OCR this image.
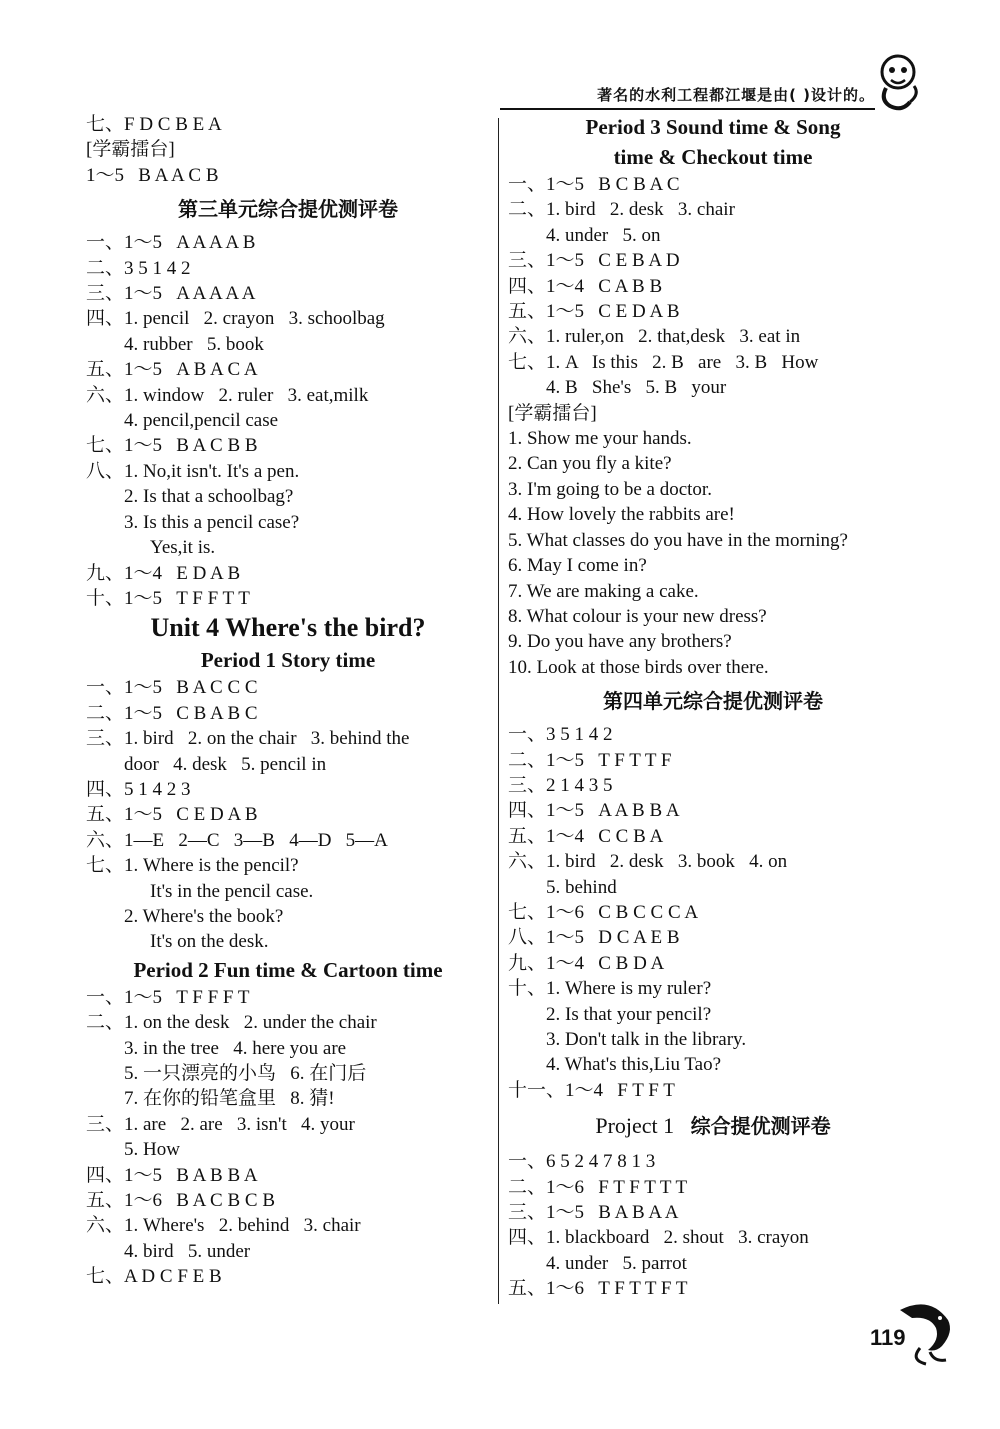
著名的水利工程都江堰是由( )设计的。
七、F D C B E A
[学霸擂台]
1～5   B A A C B
第三单元综合提优测评卷
一、1～5   A A A A B
二、3 5 1 4 2
三、1～5   A A A A A
四、1. pencil   2. crayon   3. schoolbag
4. rubber   5. book
五、1～5   A B A C A
六、1. window   2. ruler   3. eat,milk
4. pencil,pencil case
七、1～5   B A C B B
八、1. No,it isn't. It's a pen.
2. Is that a schoolbag?
3. Is this a pencil case?
Yes,it is.
九、1～4   E D A B
十、1～5   T F F T T
Unit 4 Where's the bird?
Period 1 Story time
一、1～5   B A C C C
二、1～5   C B A B C
三、1. bird   2. on the chair   3. behind the
door   4. desk   5. pencil in
四、5 1 4 2 3
五、1～5   C E D A B
六、1—E   2—C   3—B   4—D   5—A
七、1. Where is the pencil?
It's in the pencil case.
2. Where's the book?
It's on the desk.
Period 2 Fun time & Cartoon time
一、1～5   T F F F T
二、1. on the desk   2. under the chair
3. in the tree   4. here you are
5. 一只漂亮的小鸟   6. 在门后
7. 在你的铅笔盒里   8. 猜!
三、1. are   2. are   3. isn't   4. your
5. How
四、1～5   B A B B A
五、1～6   B A C B C B
六、1. Where's   2. behind   3. chair
4. bird   5. under
七、A D C F E B
Period 3 Sound time & Song
time & Checkout time
一、1～5   B C B A C
二、1. bird   2. desk   3. chair
4. under   5. on
三、1～5   C E B A D
四、1～4   C A B B
五、1～5   C E D A B
六、1. ruler,on   2. that,desk   3. eat in
七、1. A   Is this   2. B   are   3. B   How
4. B   She's   5. B   your
[学霸擂台]
1. Show me your hands.
2. Can you fly a kite?
3. I'm going to be a doctor.
4. How lovely the rabbits are!
5. What classes do you have in the morning?
6. May I come in?
7. We are making a cake.
8. What colour is your new dress?
9. Do you have any brothers?
10. Look at those birds over there.
第四单元综合提优测评卷
一、3 5 1 4 2
二、1～5   T F T T F
三、2 1 4 3 5
四、1～5   A A B B A
五、1～4   C C B A
六、1. bird   2. desk   3. book   4. on
5. behind
七、1～6   C B C C C A
八、1～5   D C A E B
九、1～4   C B D A
十、1. Where is my ruler?
2. Is that your pencil?
3. Don't talk in the library.
4. What's this,Liu Tao?
十一、1～4   F T F T
Project 1 综合提优测评卷
一、6 5 2 4 7 8 1 3
二、1～6   F T F T T T
三、1～5   B A B A A
四、1. blackboard   2. shout   3. crayon
4. under   5. parrot
五、1～6   T F T T F T
119
